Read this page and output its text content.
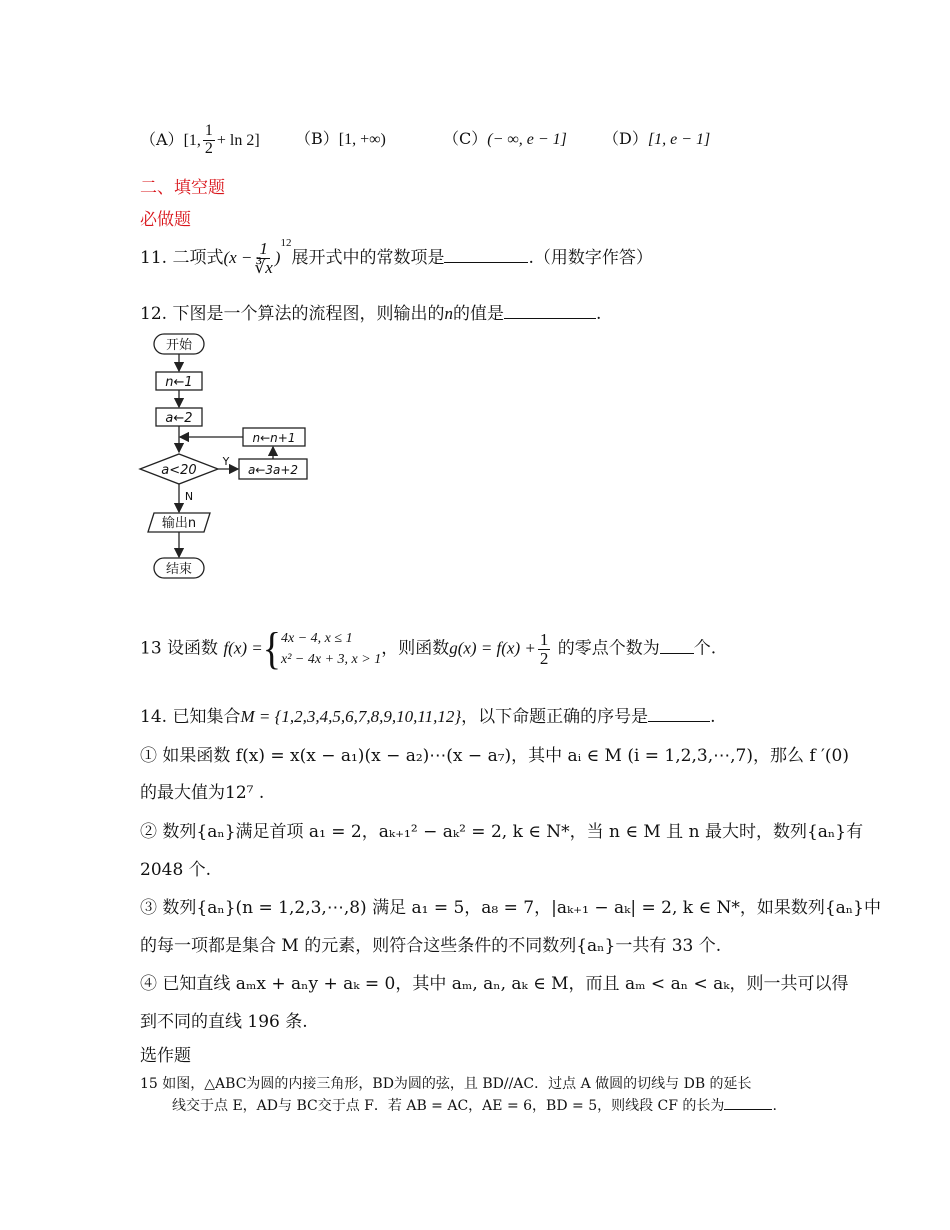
（A）[1, $\frac{1}{2} + \ln 2$] （B）[1, +∞)	（C）(− ∞, e − 1] （D）[1, e − 1]
二、填空题
必做题
11. 二项式$(x - \frac{1}{∛x} )^{12}$展开式中的常数项是	.（用数字作答）
12. 下图是一个算法的流程图，则输出的n的值是	.
开始
n←1
a←2
n←n+1
a<20
Y
a←3a+2
N
输出n
结束
13 设函数 f(x) ={ 4x − 4, x ≤ 1
x² − 4x + 3, x > 1
，则函数$g(x) = f(x) + \frac{1}{2}$ 的零点个数为 个.
14. 已知集合M = {1,2,3,4,5,6,7,8,9,10,11,12}，以下命题正确的序号是	.
① 如果函数 f(x) = x(x − a₁)(x − a₂)⋯(x − a₇)，其中 aᵢ ∈ M (i = 1,2,3,⋯,7)，那么 f ′(0)
的最大值为12⁷ .
② 数列{aₙ}满足首项 a₁ = 2，aₖ₊₁² − aₖ² = 2, k ∈ N*，当 n ∈ M 且 n 最大时，数列{aₙ}有
2048 个.
③ 数列{aₙ}(n = 1,2,3,⋯,8) 满足 a₁ = 5，a₈ = 7，|aₖ₊₁ − aₖ| = 2, k ∈ N*，如果数列{aₙ}中
的每一项都是集合 M 的元素，则符合这些条件的不同数列{aₙ}一共有 33 个.
④ 已知直线 aₘx + aₙy + aₖ = 0，其中 aₘ, aₙ, aₖ ∈ M，而且 aₘ < aₙ < aₖ，则一共可以得
到不同的直线 196 条.
选作题
15 如图，△ABC为圆的内接三角形，BD为圆的弦，且 BD//AC．过点 A 做圆的切线与 DB 的延长
线交于点 E，AD与 BC交于点 F．若 AB = AC，AE = 6，BD = 5，则线段 CF 的长为	.
